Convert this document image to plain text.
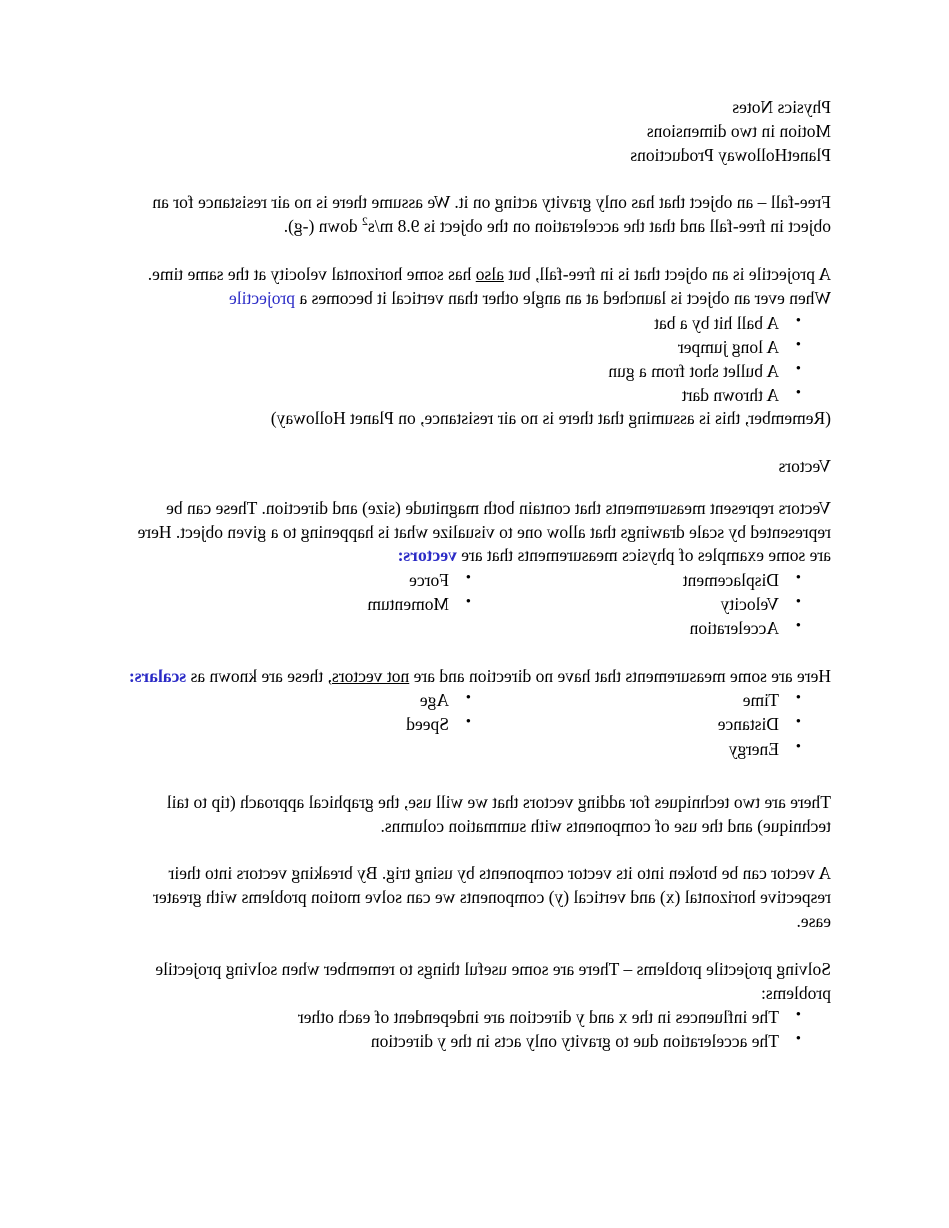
Physics Notes

Motion in two dimensions

PlanetHolloway Productions

Free-fall – an object that has only gravity acting on it. We assume there is no air resistance for an object in free-fall and that the acceleration on the object is 9.8 $m/s^2$ down (-g).

A projectile is an object that is in free-fall, but also has some horizontal velocity at the same time. When ever an object is launched at an angle other than vertical it becomes a projectile

• A ball hit by a bat
• A long jumper
• A bullet shot from a gun
• A thrown dart

(Remember, this is assuming that there is no air resistance, on Planet Holloway)

Vectors

Vectors represent measurements that contain both magnitude (size) and direction. These can be represented by scale drawings that allow one to visualize what is happening to a given object. Here are some examples of physics measurements that are vectors:

• Displacement
• Velocity
• Acceleration
• Force
• Momentum

Here are some measurements that have no direction and are not vectors, these are known as scalars:

• Time
• Distance
• Energy
• Age
• Speed

There are two techniques for adding vectors that we will use, the graphical approach (tip to tail technique) and the use of components with summation columns.

A vector can be broken into its vector components by using trig. By breaking vectors into their respective horizontal (x) and vertical (y) components we can solve motion problems with greater ease.

Solving projectile problems – There are some useful things to remember when solving projectile problems:

• The influences in the x and y direction are independent of each other
• The acceleration due to gravity only acts in the y direction
